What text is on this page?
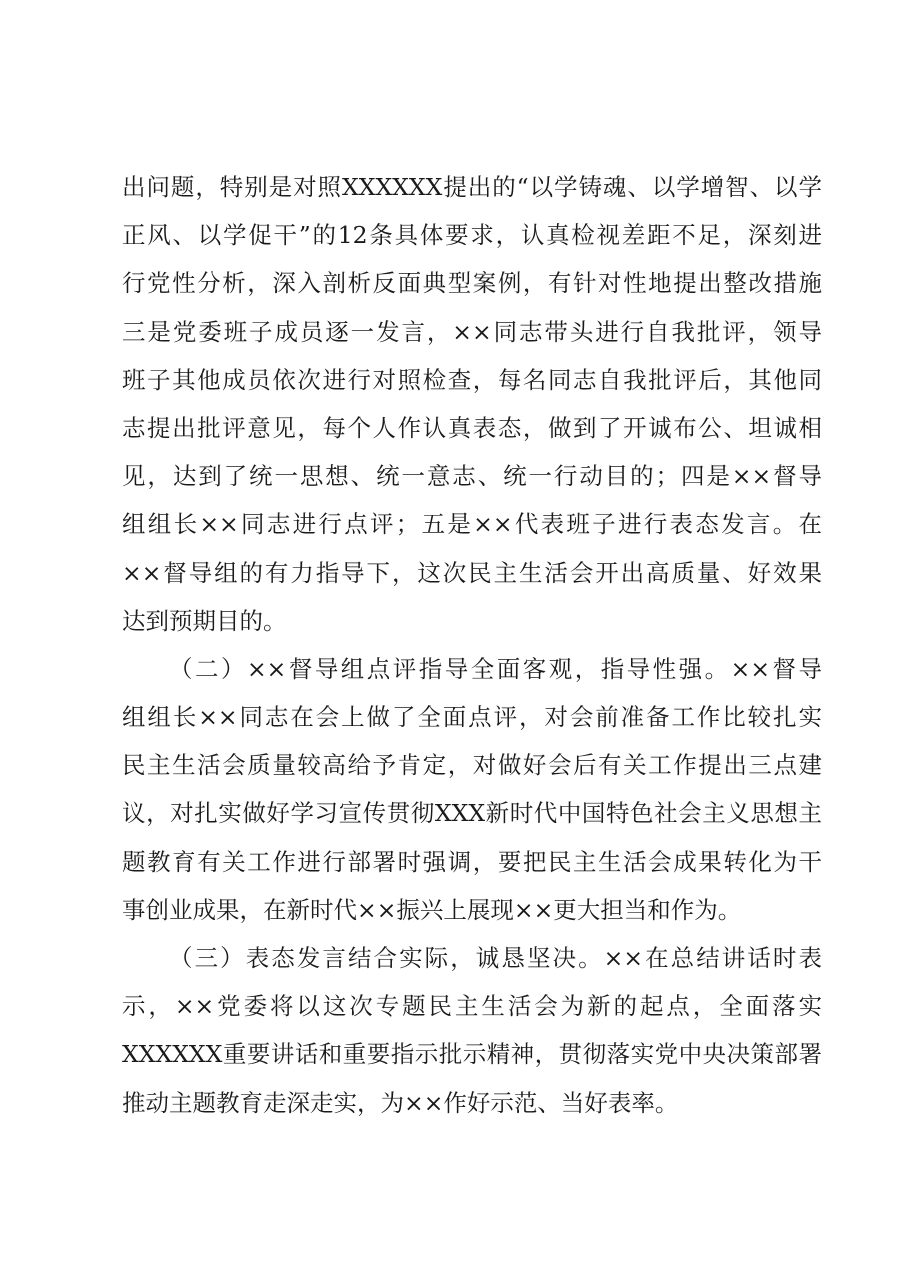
出问题，特别是对照XXXXXX提出的“以学铸魂、以学增智、以学
正风、以学促干”的12条具体要求，认真检视差距不足，深刻进
行党性分析，深入剖析反面典型案例，有针对性地提出整改措施
三是党委班子成员逐一发言，××同志带头进行自我批评，领导
班子其他成员依次进行对照检查，每名同志自我批评后，其他同
志提出批评意见，每个人作认真表态，做到了开诚布公、坦诚相
见，达到了统一思想、统一意志、统一行动目的；四是××督导
组组长××同志进行点评；五是××代表班子进行表态发言。在
××督导组的有力指导下，这次民主生活会开出高质量、好效果
达到预期目的。
（二）××督导组点评指导全面客观，指导性强。××督导
组组长××同志在会上做了全面点评，对会前准备工作比较扎实
民主生活会质量较高给予肯定，对做好会后有关工作提出三点建
议，对扎实做好学习宣传贯彻XXX新时代中国特色社会主义思想主
题教育有关工作进行部署时强调，要把民主生活会成果转化为干
事创业成果，在新时代××振兴上展现××更大担当和作为。
（三）表态发言结合实际，诚恳坚决。××在总结讲话时表
示，××党委将以这次专题民主生活会为新的起点，全面落实
XXXXXX重要讲话和重要指示批示精神，贯彻落实党中央决策部署
推动主题教育走深走实，为××作好示范、当好表率。
